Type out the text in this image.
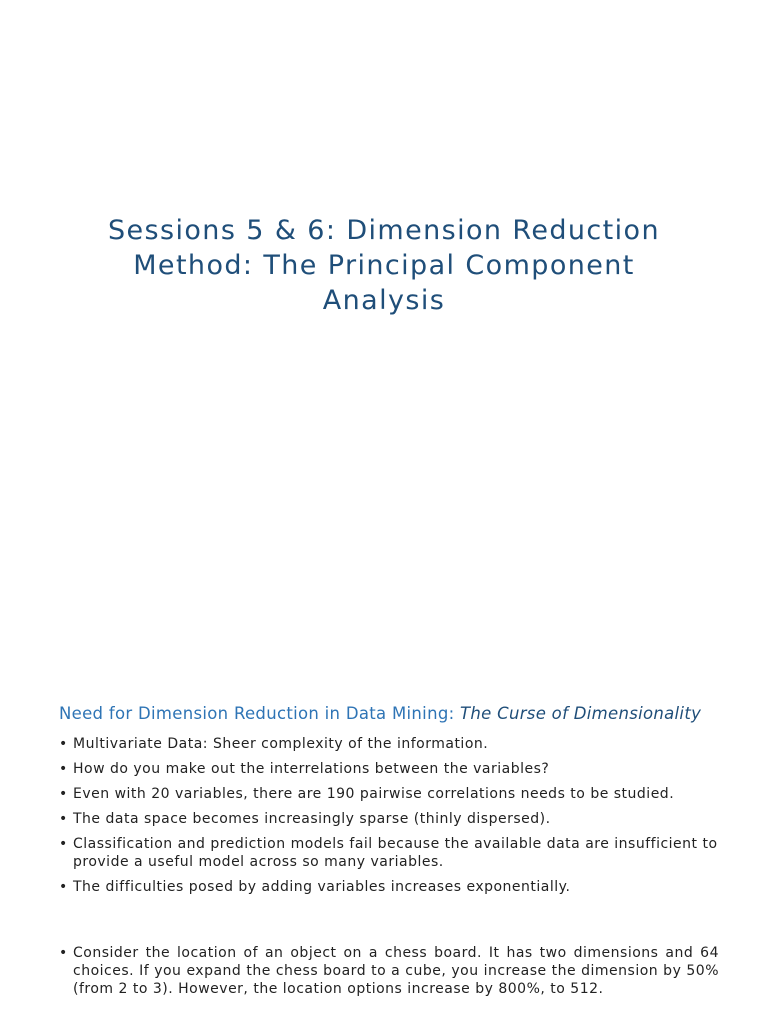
Sessions 5 & 6: Dimension Reduction
Method: The Principal Component
Analysis
Need for Dimension Reduction in Data Mining: The Curse of Dimensionality
• Multivariate Data: Sheer complexity of the information.
• How do you make out the interrelations between the variables?
• Even with 20 variables, there are 190 pairwise correlations needs to be studied.
• The data space becomes increasingly sparse (thinly dispersed).
• Classification and prediction models fail because the available data are insufficient to provide a useful model across so many variables.
• The difficulties posed by adding variables increases exponentially.
• Consider the location of an object on a chess board. It has two dimensions and 64 choices. If you expand the chess board to a cube, you increase the dimension by 50% (from 2 to 3). However, the location options increase by 800%, to 512.
